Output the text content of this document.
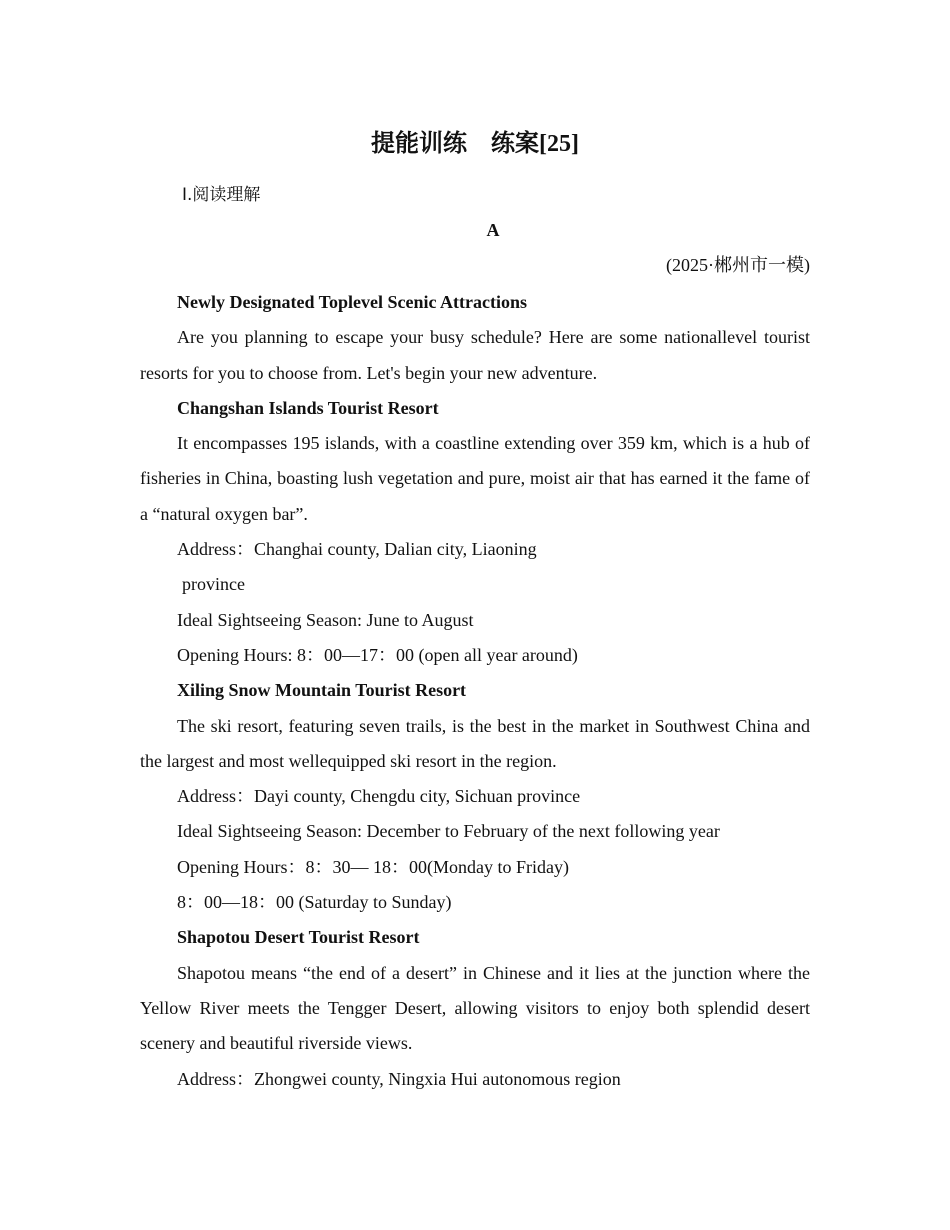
提能训练　练案[25]
Ⅰ.阅读理解
A
(2025·郴州市一模)
Newly Designated Toplevel Scenic Attractions

Are you planning to escape your busy schedule? Here are some nationallevel tourist resorts for you to choose from. Let's begin your new adventure.

Changshan Islands Tourist Resort

It encompasses 195 islands, with a coastline extending over 359 km, which is a hub of fisheries in China, boasting lush vegetation and pure, moist air that has earned it the fame of a “natural oxygen bar”.

Address：Changhai county, Dalian city, Liaoning
province
Ideal Sightseeing Season: June to August
Opening Hours: 8：00—17：00 (open all year around)
Xiling Snow Mountain Tourist Resort

The ski resort, featuring seven trails, is the best in the market in Southwest China and the largest and most wellequipped ski resort in the region.

Address：Dayi county, Chengdu city, Sichuan province
Ideal Sightseeing Season: December to February of the next following year
Opening Hours：8：30— 18：00(Monday to Friday)
8：00—18：00 (Saturday to Sunday)
Shapotou Desert Tourist Resort

Shapotou means “the end of a desert” in Chinese and it lies at the junction where the Yellow River meets the Tengger Desert, allowing visitors to enjoy both splendid desert scenery and beautiful riverside views.

Address：Zhongwei county, Ningxia Hui autonomous region
